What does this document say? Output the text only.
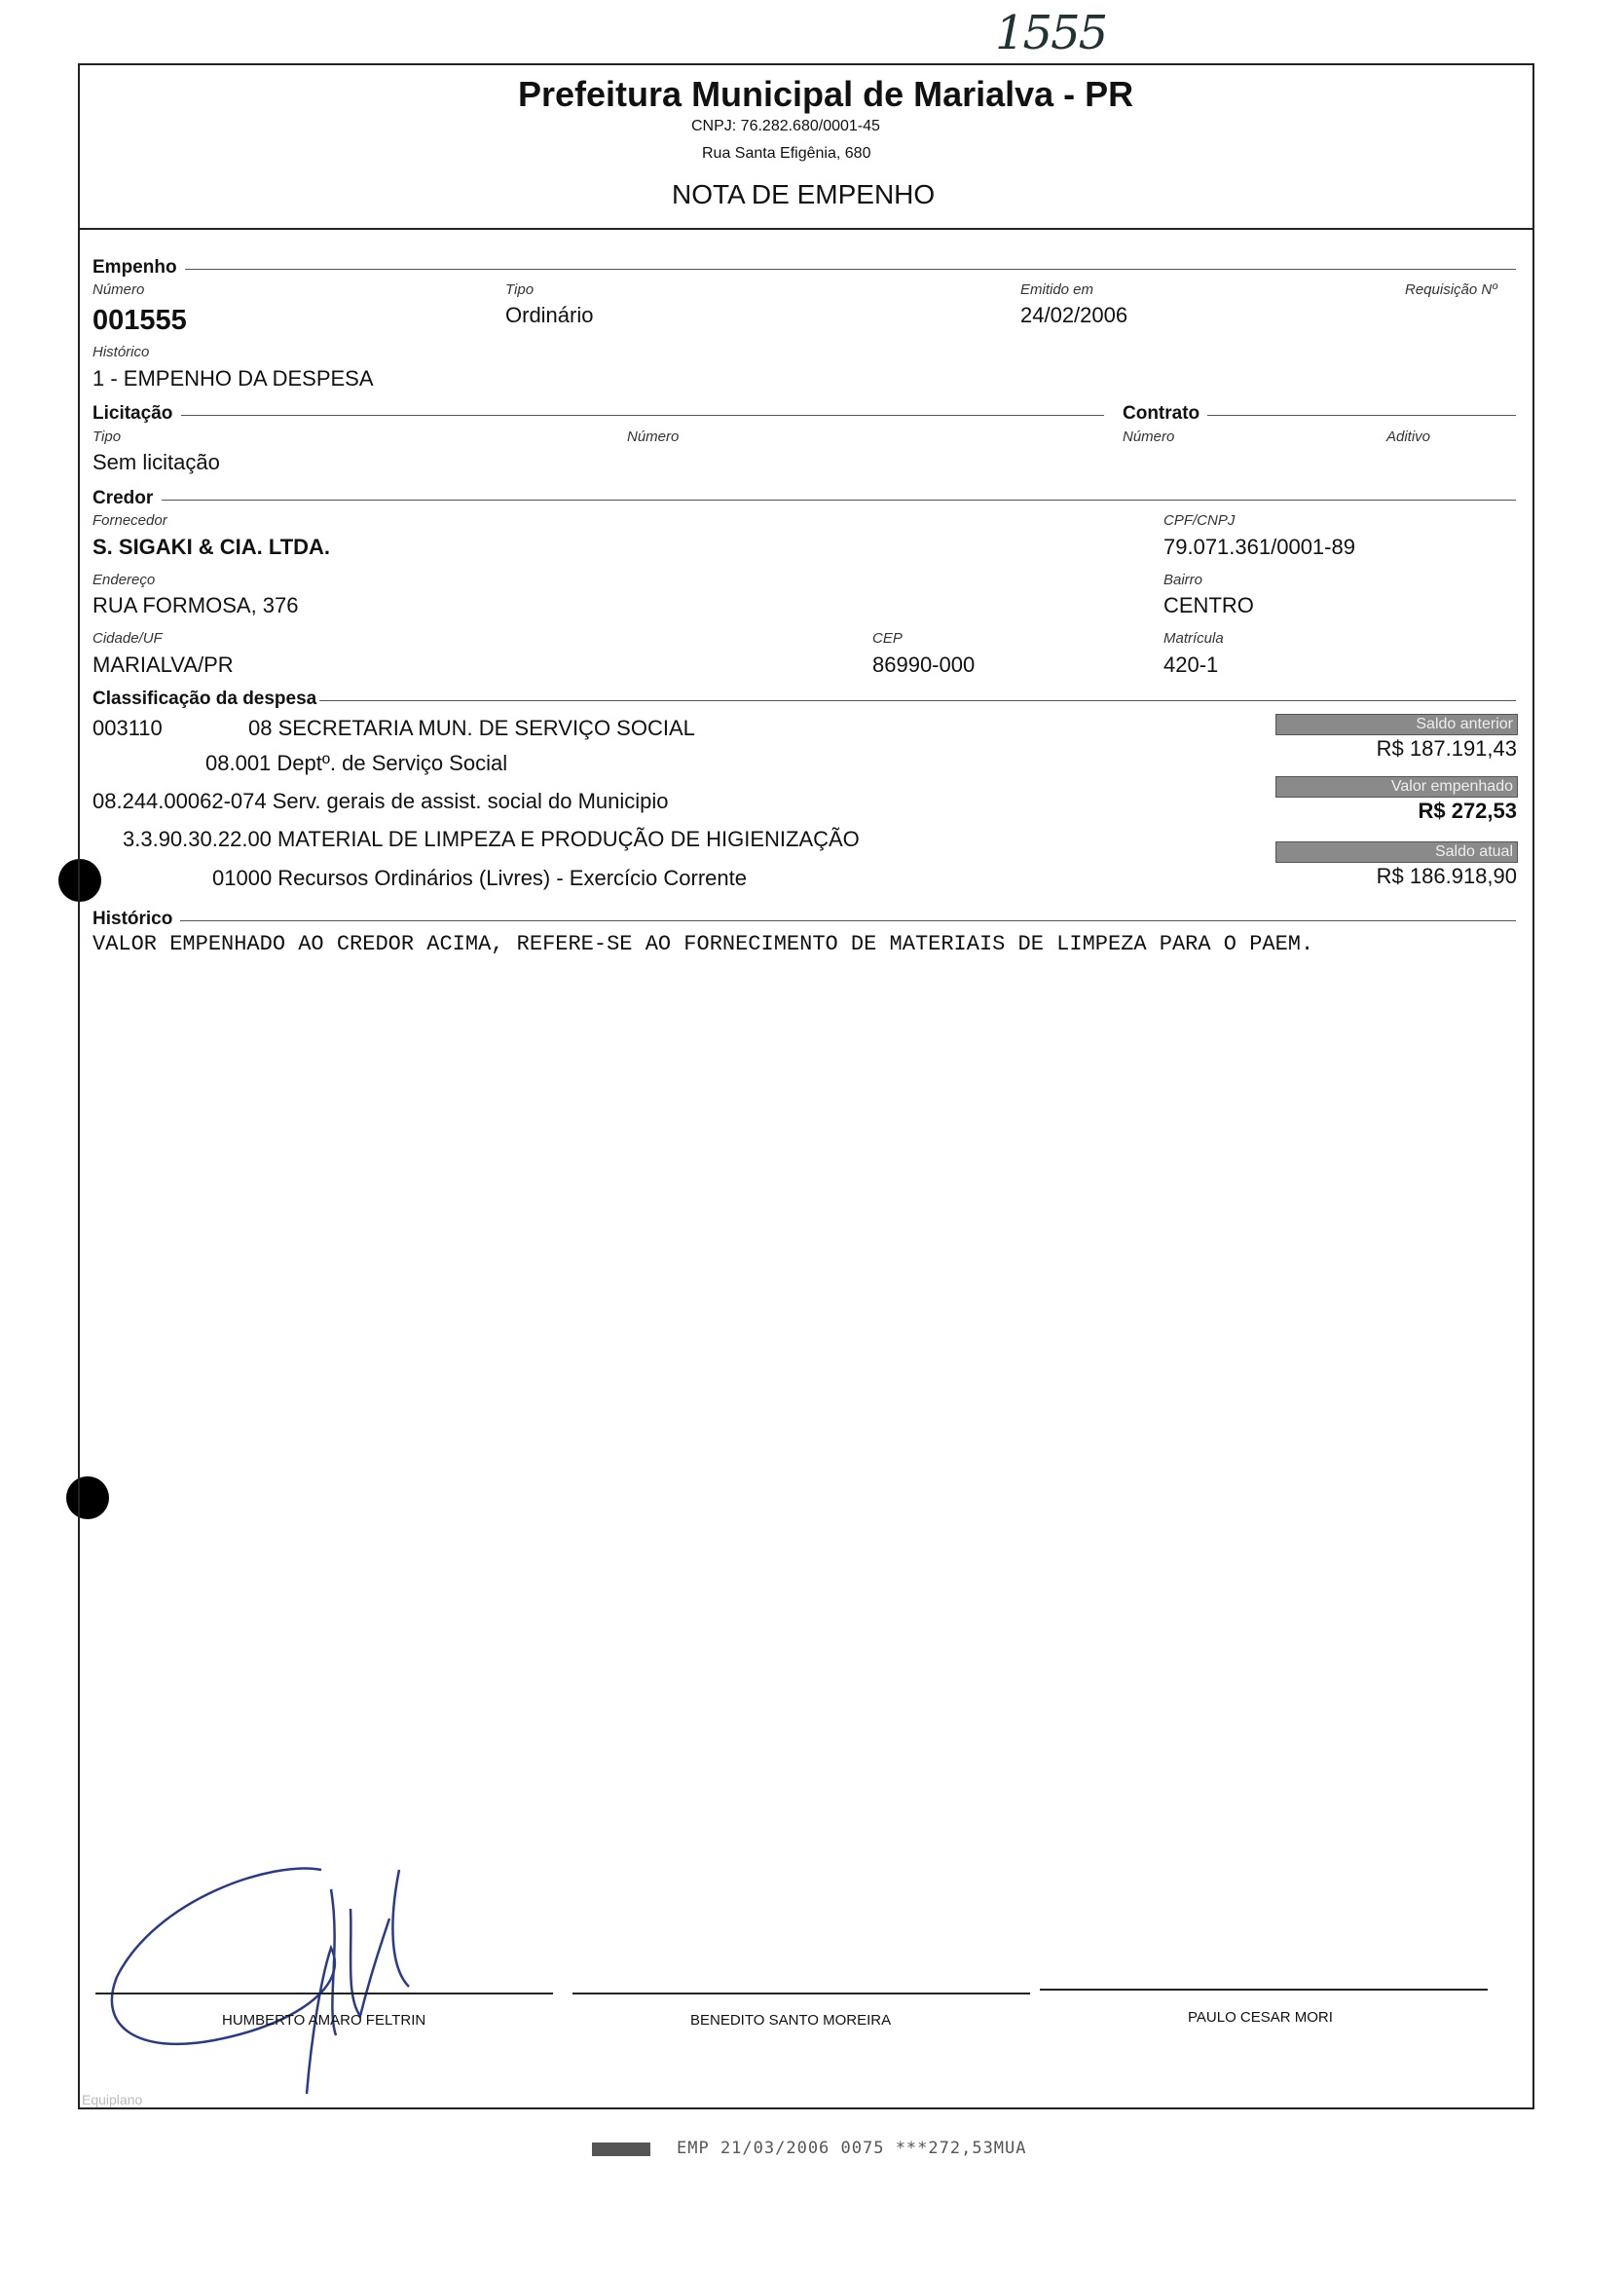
1555
Prefeitura Municipal de Marialva - PR
CNPJ: 76.282.680/0001-45
Rua Santa Efigênia, 680
NOTA DE EMPENHO
Empenho
Número
001555
Tipo
Ordinário
Emitido em
24/02/2006
Requisição Nº
Histórico
1 - EMPENHO DA DESPESA
Licitação
Tipo
Sem licitação
Número
Contrato
Número	Aditivo
Credor
Fornecedor
S. SIGAKI & CIA. LTDA.
CPF/CNPJ
79.071.361/0001-89
Endereço
RUA FORMOSA, 376
Bairro
CENTRO
Cidade/UF
MARIALVA/PR
CEP
86990-000
Matrícula
420-1
Classificação da despesa
003110	08 SECRETARIA MUN. DE SERVIÇO SOCIAL
08.001 Deptº. de Serviço Social
08.244.00062-074 Serv. gerais de assist. social do Municipio
3.3.90.30.22.00 MATERIAL DE LIMPEZA E PRODUÇÃO DE HIGIENIZAÇÃO
01000 Recursos Ordinários (Livres) - Exercício Corrente
Saldo anterior
R$ 187.191,43
Valor empenhado
R$ 272,53
Saldo atual
R$ 186.918,90
Histórico
VALOR EMPENHADO AO CREDOR ACIMA, REFERE-SE AO FORNECIMENTO DE MATERIAIS DE LIMPEZA PARA O PAEM.
HUMBERTO AMARO FELTRIN	BENEDITO SANTO MOREIRA	PAULO CESAR MORI
Equiplano
EMP 21/03/2006 0075 ***272,53MUA
